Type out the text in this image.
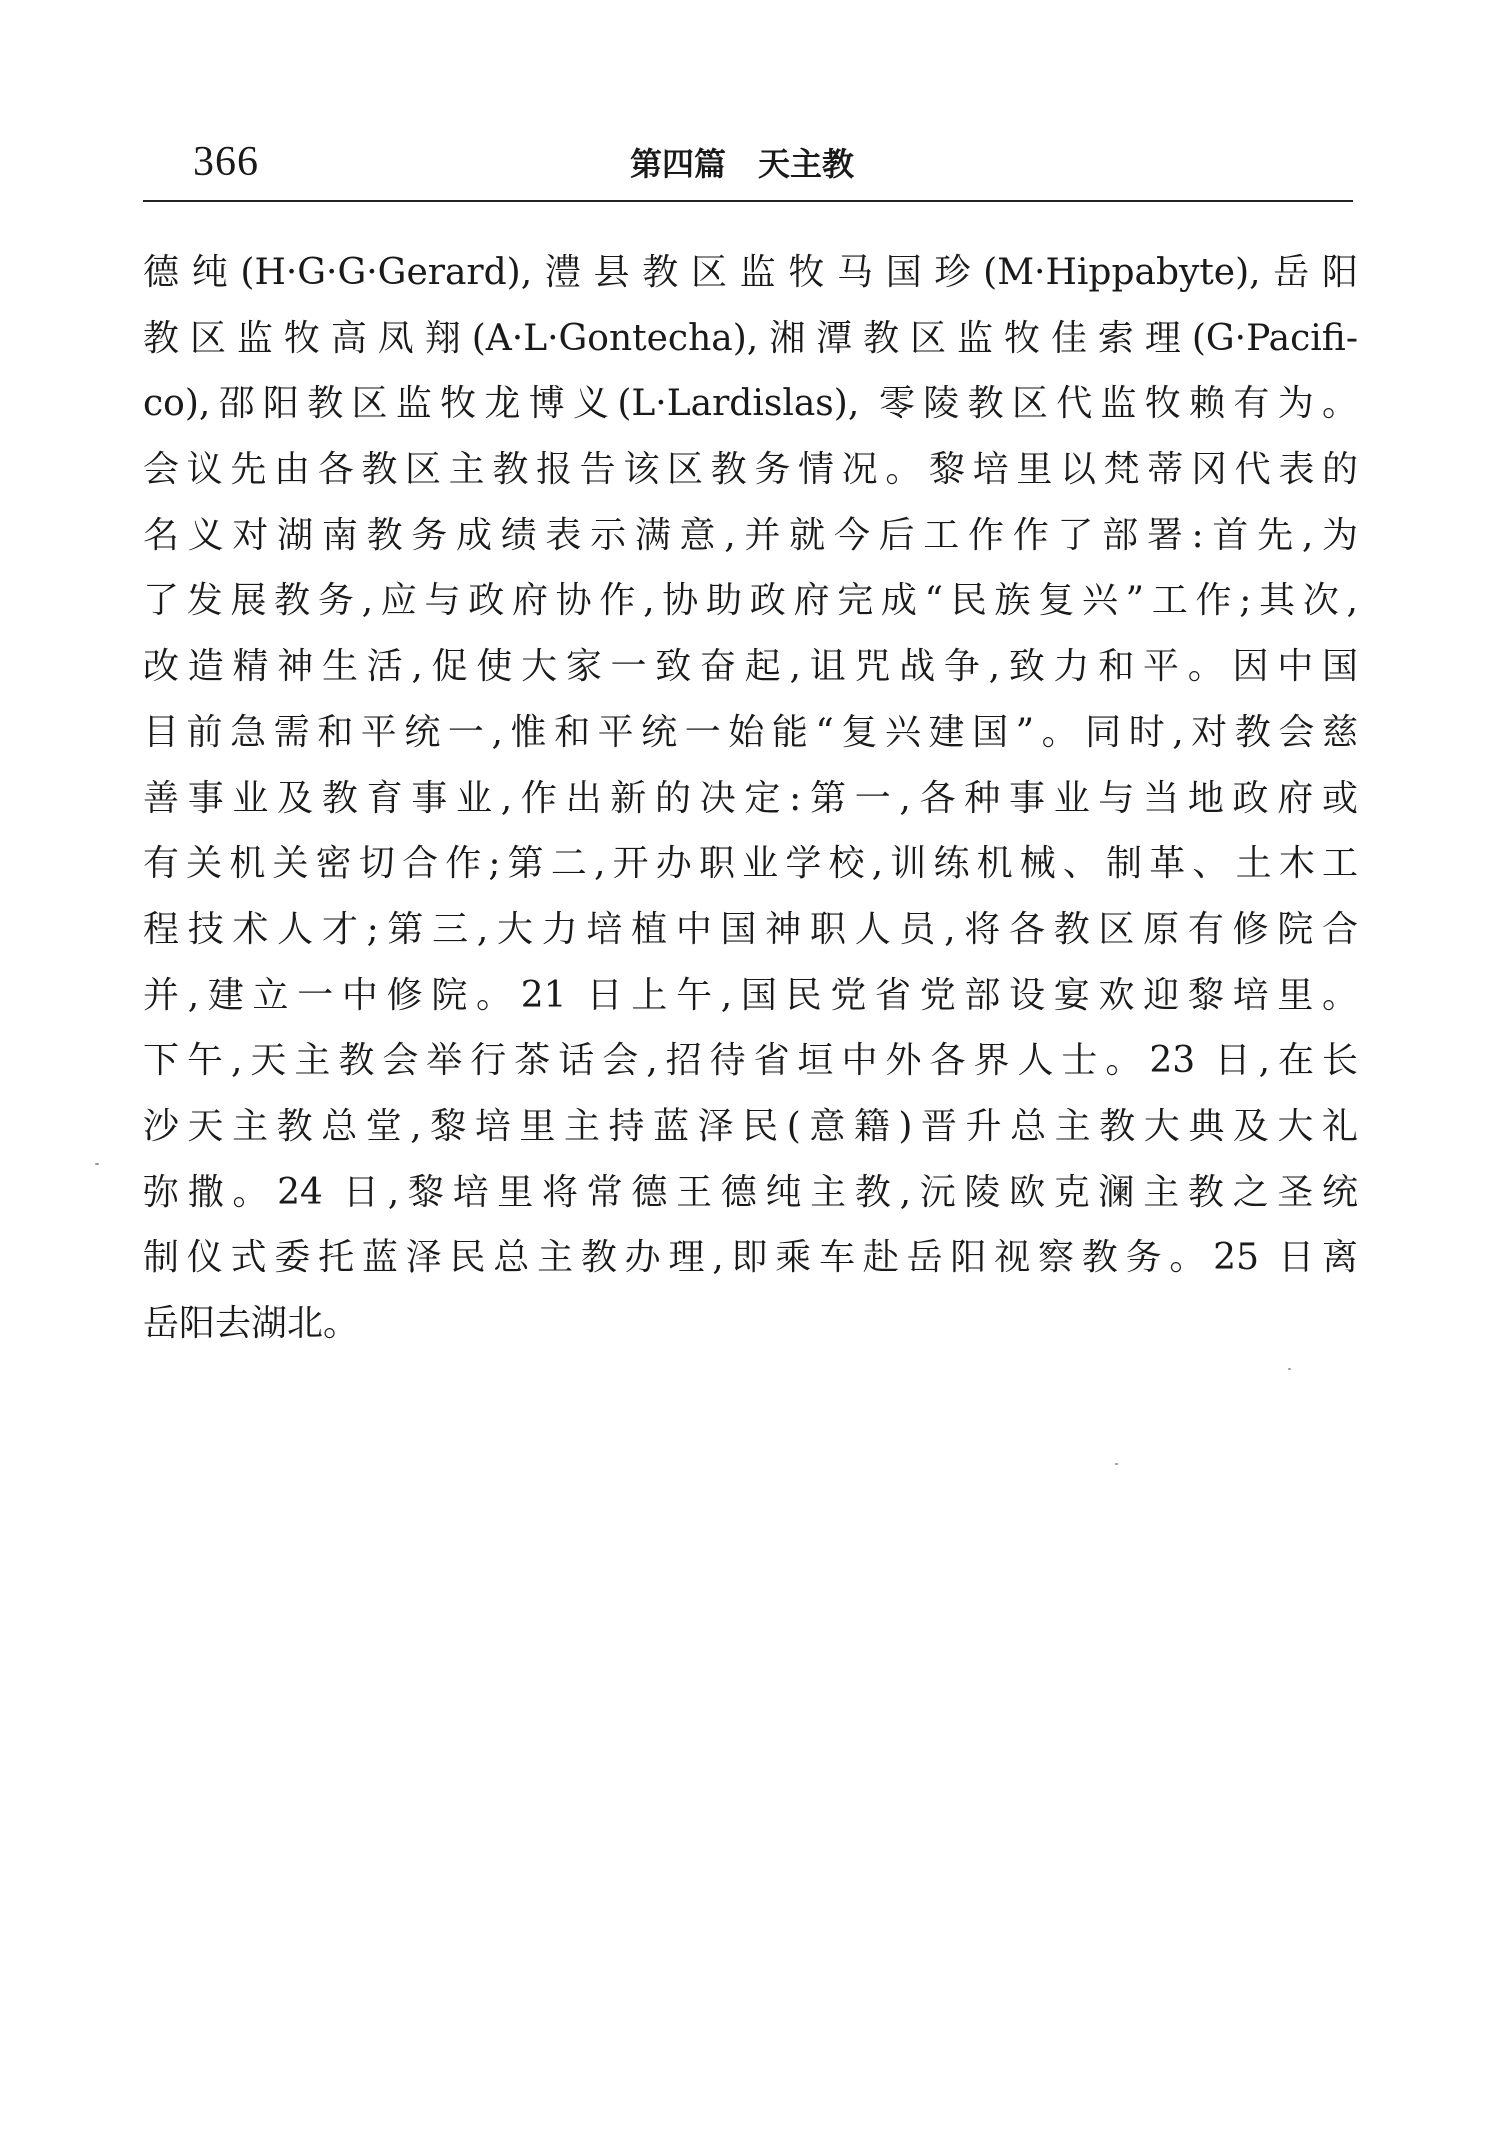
366	第四篇　天主教
德纯(H·G·G·Gerard),澧县教区监牧马国珍(M·Hippabyte),岳阳
教区监牧高凤翔(A·L·Gontecha),湘潭教区监牧佳索理(G·Pacifi-
co),邵阳教区监牧龙博义(L·Lardislas), 零陵教区代监牧赖有为。
会议先由各教区主教报告该区教务情况。黎培里以梵蒂冈代表的
名义对湖南教务成绩表示满意,并就今后工作作了部署:首先,为
了发展教务,应与政府协作,协助政府完成“民族复兴”工作;其次,
改造精神生活,促使大家一致奋起,诅咒战争,致力和平。因中国
目前急需和平统一,惟和平统一始能“复兴建国”。同时,对教会慈
善事业及教育事业,作出新的决定:第一,各种事业与当地政府或
有关机关密切合作;第二,开办职业学校,训练机械、制革、土木工
程技术人才;第三,大力培植中国神职人员,将各教区原有修院合
并,建立一中修院。21 日上午,国民党省党部设宴欢迎黎培里。
下午,天主教会举行茶话会,招待省垣中外各界人士。23 日,在长
沙天主教总堂,黎培里主持蓝泽民(意籍)晋升总主教大典及大礼
弥撒。24 日,黎培里将常德王德纯主教,沅陵欧克澜主教之圣统
制仪式委托蓝泽民总主教办理,即乘车赴岳阳视察教务。25 日离
岳阳去湖北。
